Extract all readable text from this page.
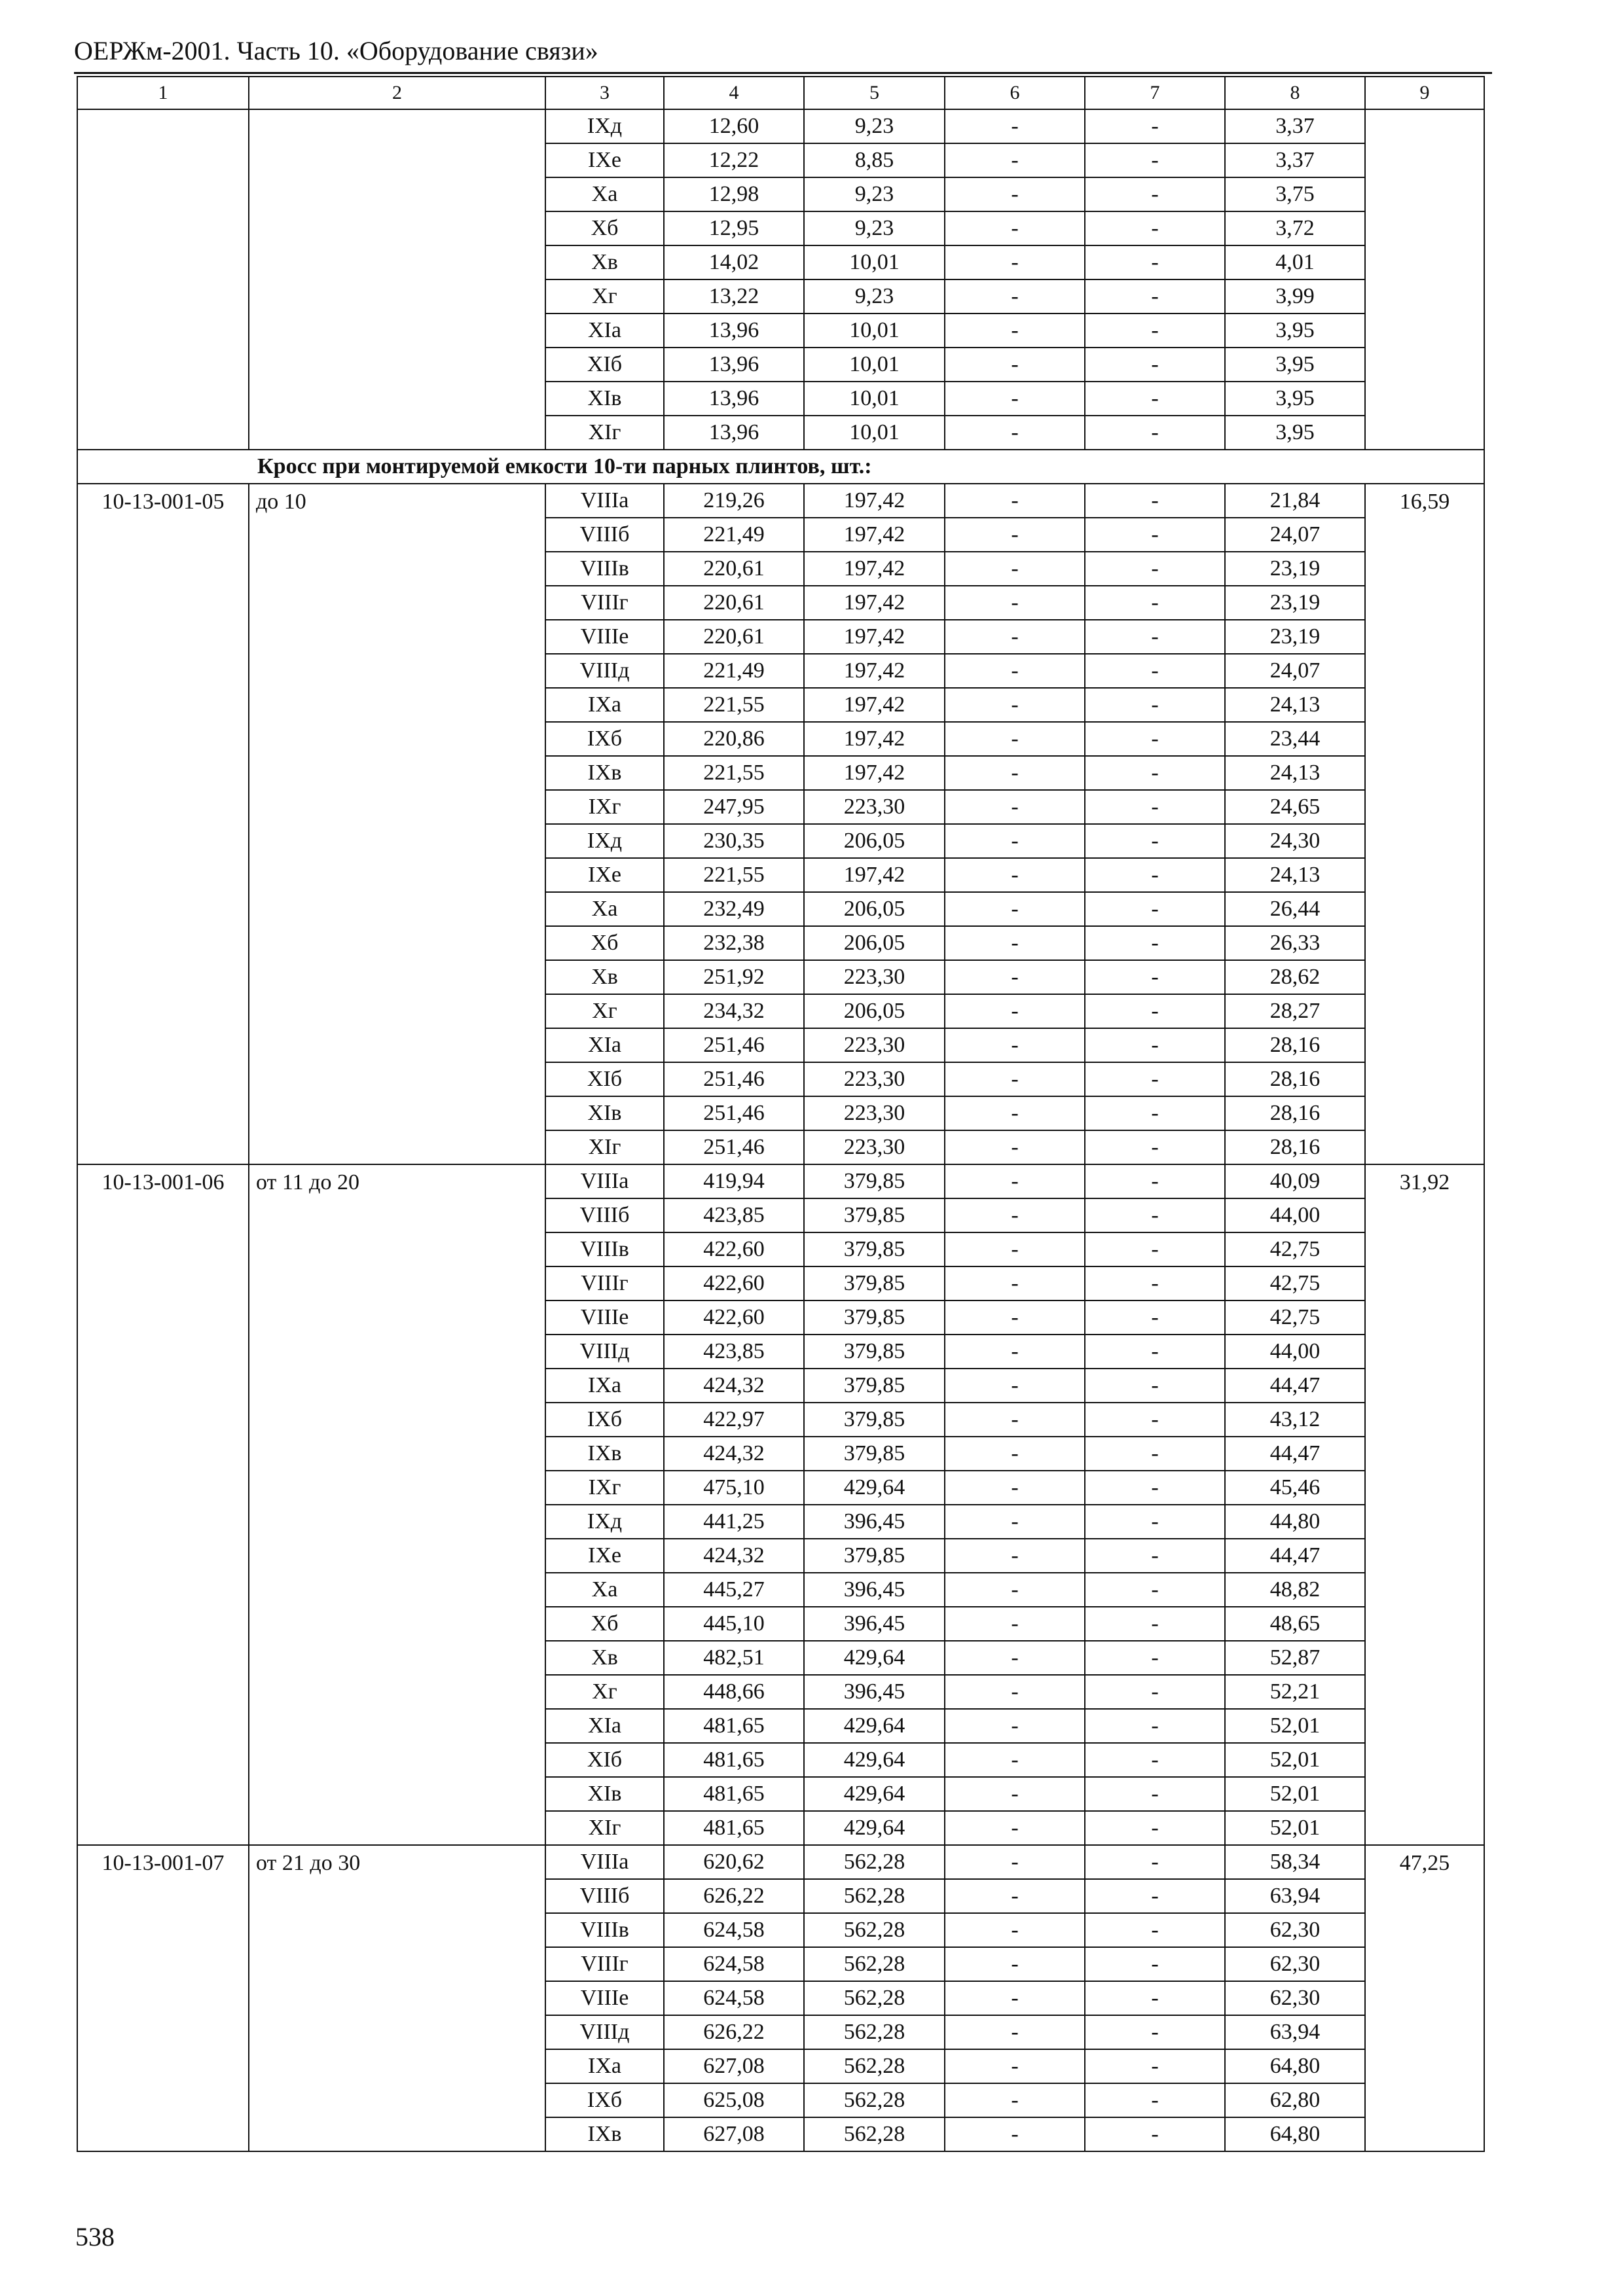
ОЕРЖм-2001. Часть 10. «Оборудование связи»
1	2	3	4	5	6	7	8	9
		IXд	12,60	9,23	-	-	3,37	
		IXе	12,22	8,85	-	-	3,37	
		Xа	12,98	9,23	-	-	3,75	
		Xб	12,95	9,23	-	-	3,72	
		Xв	14,02	10,01	-	-	4,01	
		Xг	13,22	9,23	-	-	3,99	
		XIа	13,96	10,01	-	-	3,95	
		XIб	13,96	10,01	-	-	3,95	
		XIв	13,96	10,01	-	-	3,95	
		XIг	13,96	10,01	-	-	3,95	
Кросс при монтируемой емкости 10-ти парных плинтов, шт.:								
10-13-001-05	до 10	VIIIа	219,26	197,42	-	-	21,84	16,59
		VIIIб	221,49	197,42	-	-	24,07	
		VIIIв	220,61	197,42	-	-	23,19	
		VIIIг	220,61	197,42	-	-	23,19	
		VIIIе	220,61	197,42	-	-	23,19	
		VIIIд	221,49	197,42	-	-	24,07	
		IXа	221,55	197,42	-	-	24,13	
		IXб	220,86	197,42	-	-	23,44	
		IXв	221,55	197,42	-	-	24,13	
		IXг	247,95	223,30	-	-	24,65	
		IXд	230,35	206,05	-	-	24,30	
		IXе	221,55	197,42	-	-	24,13	
		Xа	232,49	206,05	-	-	26,44	
		Xб	232,38	206,05	-	-	26,33	
		Xв	251,92	223,30	-	-	28,62	
		Xг	234,32	206,05	-	-	28,27	
		XIа	251,46	223,30	-	-	28,16	
		XIб	251,46	223,30	-	-	28,16	
		XIв	251,46	223,30	-	-	28,16	
		XIг	251,46	223,30	-	-	28,16	
10-13-001-06	от 11 до 20	VIIIа	419,94	379,85	-	-	40,09	31,92
		VIIIб	423,85	379,85	-	-	44,00	
		VIIIв	422,60	379,85	-	-	42,75	
		VIIIг	422,60	379,85	-	-	42,75	
		VIIIе	422,60	379,85	-	-	42,75	
		VIIIд	423,85	379,85	-	-	44,00	
		IXа	424,32	379,85	-	-	44,47	
		IXб	422,97	379,85	-	-	43,12	
		IXв	424,32	379,85	-	-	44,47	
		IXг	475,10	429,64	-	-	45,46	
		IXд	441,25	396,45	-	-	44,80	
		IXе	424,32	379,85	-	-	44,47	
		Xа	445,27	396,45	-	-	48,82	
		Xб	445,10	396,45	-	-	48,65	
		Xв	482,51	429,64	-	-	52,87	
		Xг	448,66	396,45	-	-	52,21	
		XIа	481,65	429,64	-	-	52,01	
		XIб	481,65	429,64	-	-	52,01	
		XIв	481,65	429,64	-	-	52,01	
		XIг	481,65	429,64	-	-	52,01	
10-13-001-07	от 21 до 30	VIIIа	620,62	562,28	-	-	58,34	47,25
		VIIIб	626,22	562,28	-	-	63,94	
		VIIIв	624,58	562,28	-	-	62,30	
		VIIIг	624,58	562,28	-	-	62,30	
		VIIIе	624,58	562,28	-	-	62,30	
		VIIIд	626,22	562,28	-	-	63,94	
		IXа	627,08	562,28	-	-	64,80	
		IXб	625,08	562,28	-	-	62,80	
		IXв	627,08	562,28	-	-	64,80	
538
